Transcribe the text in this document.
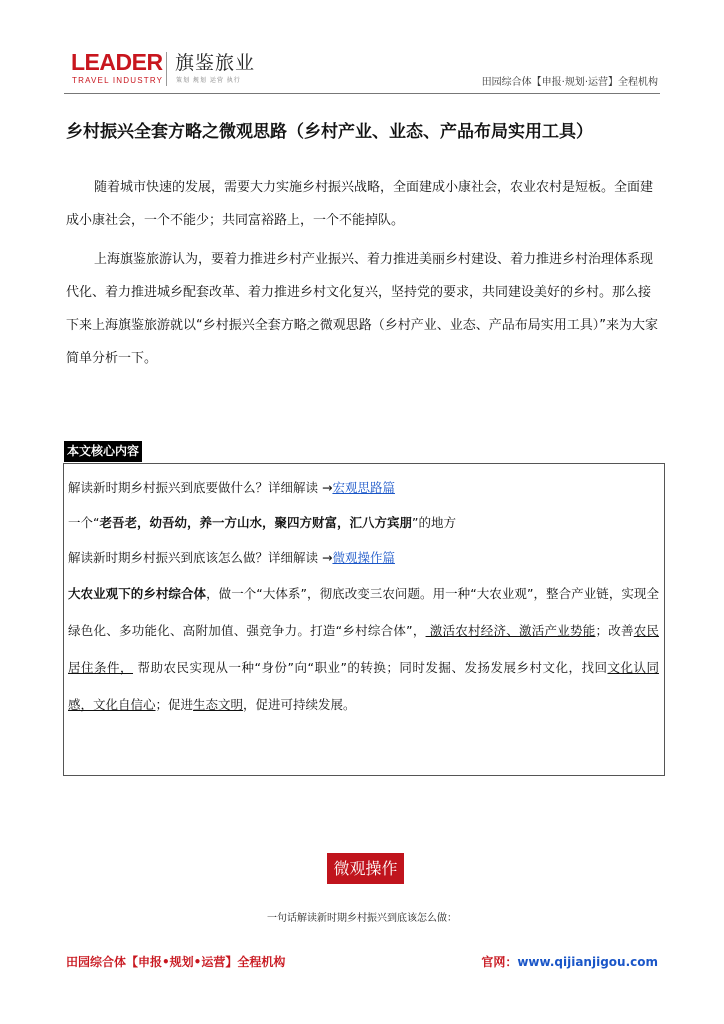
LEADER
TRAVEL INDUSTRY
旗鉴旅业
策划 规划 运营 执行	田园综合体【申报·规划·运营】全程机构
乡村振兴全套方略之微观思路（乡村产业、业态、产品布局实用工具）

随着城市快速的发展，需要大力实施乡村振兴战略，全面建成小康社会，农业农村是短板。全面建成小康社会，一个不能少；共同富裕路上，一个不能掉队。

上海旗鉴旅游认为，要着力推进乡村产业振兴、着力推进美丽乡村建设、着力推进乡村治理体系现代化、着力推进城乡配套改革、着力推进乡村文化复兴，坚持党的要求，共同建设美好的乡村。那么接下来上海旗鉴旅游就以“乡村振兴全套方略之微观思路（乡村产业、业态、产品布局实用工具）”来为大家简单分析一下。

本文核心内容
解读新时期乡村振兴到底要做什么？详细解读 →宏观思路篇
一个“老吾老，幼吾幼，养一方山水，聚四方财富，汇八方宾朋”的地方
解读新时期乡村振兴到底该怎么做？详细解读 →微观操作篇

大农业观下的乡村综合体，做一个“大体系”，彻底改变三农问题。用一种“大农业观”，整合产业链，实现全绿色化、多功能化、高附加值、强竞争力。打造“乡村综合体”， 激活农村经济、激活产业势能；改善农民居住条件， 帮助农民实现从一种“身份”向“职业”的转换；同时发掘、发扬发展乡村文化，找回文化认同感，文化自信心；促进生态文明，促进可持续发展。

微观操作
一句话解读新时期乡村振兴到底该怎么做：
田园综合体【申报•规划•运营】全程机构	官网：www.qijianjigou.com
